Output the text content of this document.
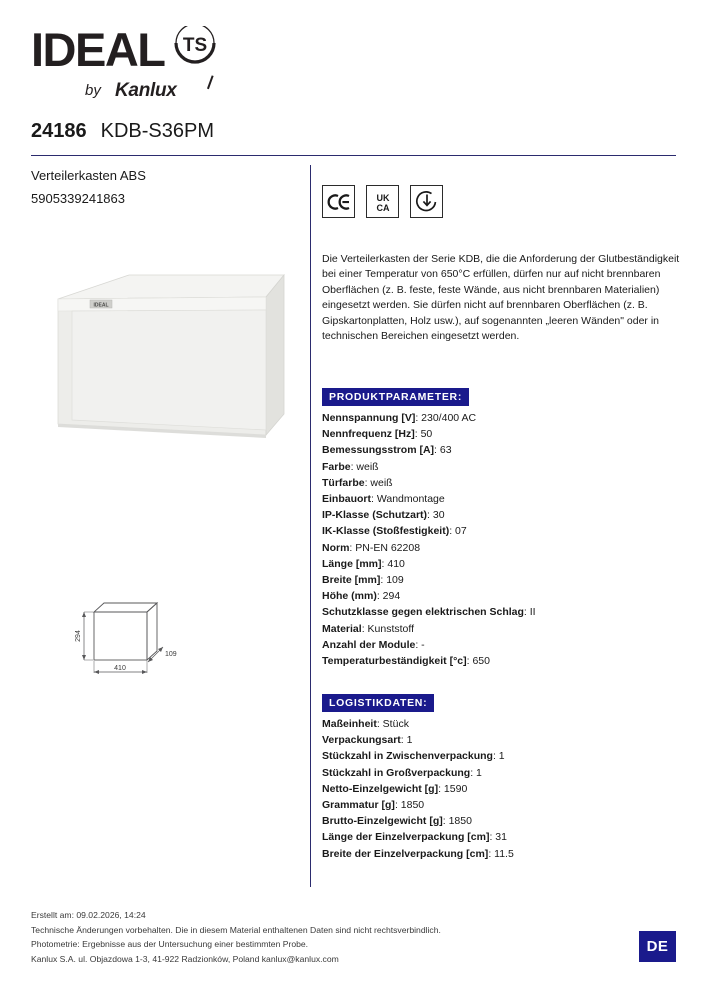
IDEAL TS
by Kanlux
24186 KDB-S36PM
Verteilerkasten ABS
5905339241863	UK
CA
Die Verteilerkasten der Serie KDB, die die Anforderung der Glutbeständigkeit bei einer Temperatur von 650°C erfüllen, dürfen nur auf nicht brennbaren Oberflächen (z. B. feste, feste Wände, aus nicht brennbaren Materialien) eingesetzt werden. Sie dürfen nicht auf brennbaren Oberflächen (z. B. Gipskartonplatten, Holz usw.), auf sogenannten „leeren Wänden" oder in technischen Bereichen eingesetzt werden.
IDEAL
294
410
109
PRODUKTPARAMETER:
Nennspannung [V]: 230/400 AC
Nennfrequenz [Hz]: 50
Bemessungsstrom [A]: 63
Farbe: weiß
Türfarbe: weiß
Einbauort: Wandmontage
IP-Klasse (Schutzart): 30
IK-Klasse (Stoßfestigkeit): 07
Norm: PN-EN 62208
Länge [mm]: 410
Breite [mm]: 109
Höhe (mm): 294
Schutzklasse gegen elektrischen Schlag: II
Material: Kunststoff
Anzahl der Module: -
Temperaturbeständigkeit [°c]: 650
LOGISTIKDATEN:
Maßeinheit: Stück
Verpackungsart: 1
Stückzahl in Zwischenverpackung: 1
Stückzahl in Großverpackung: 1
Netto-Einzelgewicht [g]: 1590
Grammatur [g]: 1850
Brutto-Einzelgewicht [g]: 1850
Länge der Einzelverpackung [cm]: 31
Breite der Einzelverpackung [cm]: 11.5
Erstellt am: 09.02.2026, 14:24
Technische Änderungen vorbehalten. Die in diesem Material enthaltenen Daten sind nicht rechtsverbindlich.
Photometrie: Ergebnisse aus der Untersuchung einer bestimmten Probe.
Kanlux S.A. ul. Objazdowa 1-3, 41-922 Radzionków, Poland kanlux@kanlux.com
DE
